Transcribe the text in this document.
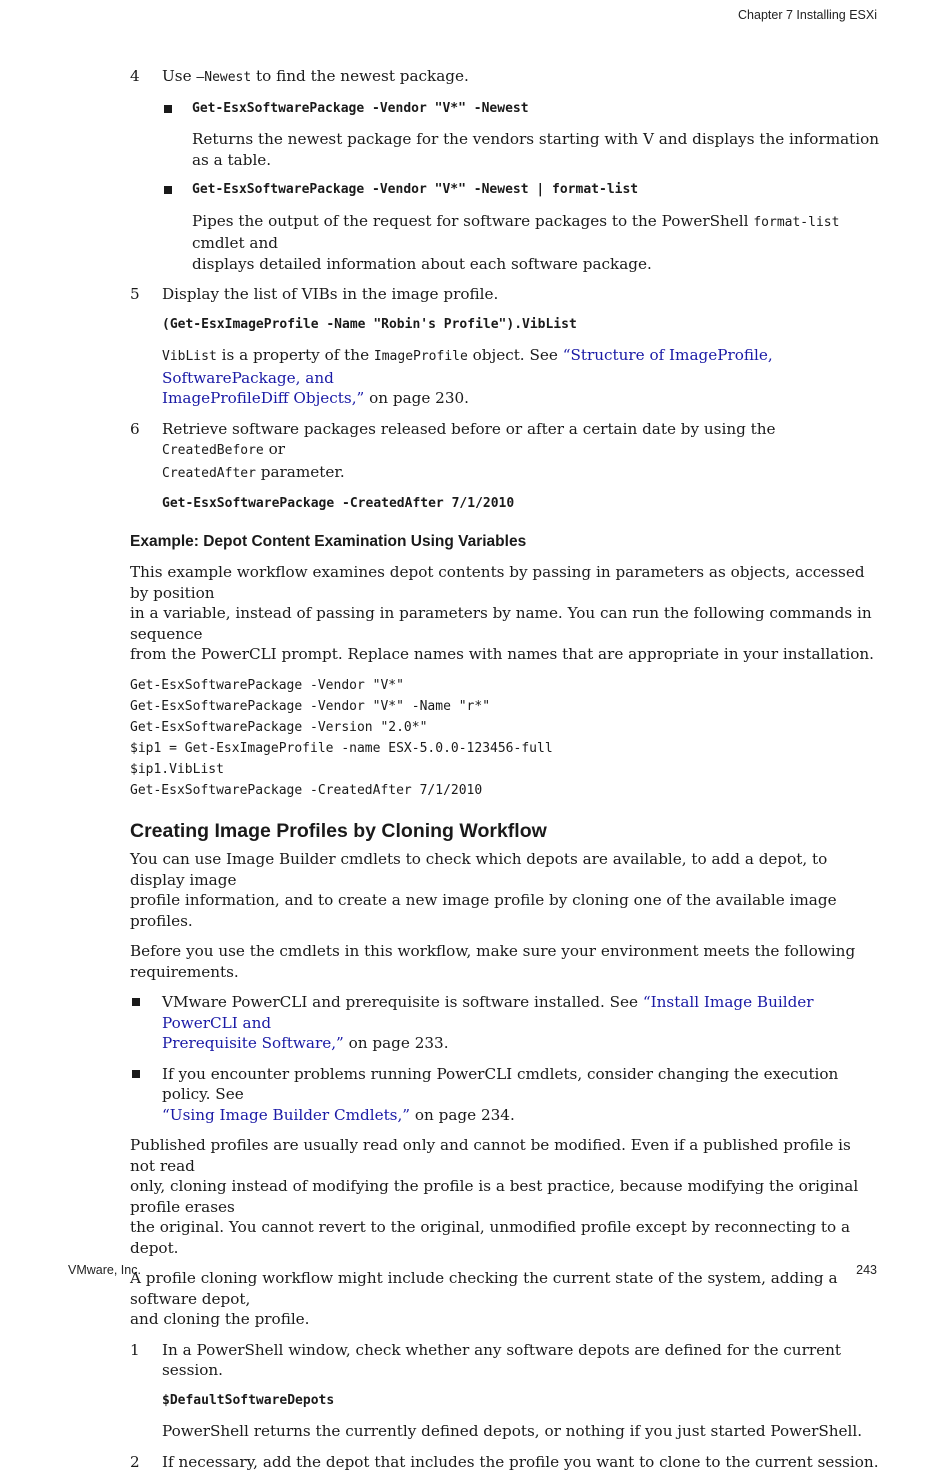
Chapter 7 Installing ESXi
4 Use –Newest to find the newest package.

Get-EsxSoftwarePackage -Vendor "V*" -Newest

Returns the newest package for the vendors starting with V and displays the information as a table.

Get-EsxSoftwarePackage -Vendor "V*" -Newest | format-list

Pipes the output of the request for software packages to the PowerShell format-list cmdlet and

displays detailed information about each software package.

5 Display the list of VIBs in the image profile.

(Get-EsxImageProfile -Name "Robin's Profile").VibList

VibList is a property of the ImageProfile object. See “Structure of ImageProfile, SoftwarePackage, and

ImageProfileDiff Objects,” on page 230.

6 Retrieve software packages released before or after a certain date by using the CreatedBefore or

CreatedAfter parameter.

Get-EsxSoftwarePackage -CreatedAfter 7/1/2010

Example: Depot Content Examination Using Variables

This example workflow examines depot contents by passing in parameters as objects, accessed by position

in a variable, instead of passing in parameters by name. You can run the following commands in sequence

from the PowerCLI prompt. Replace names with names that are appropriate in your installation.

Get-EsxSoftwarePackage -Vendor "V*"
Get-EsxSoftwarePackage -Vendor "V*" -Name "r*"
Get-EsxSoftwarePackage -Version "2.0*"
$ip1 = Get-EsxImageProfile -name ESX-5.0.0-123456-full
$ip1.VibList
Get-EsxSoftwarePackage -CreatedAfter 7/1/2010

Creating Image Profiles by Cloning Workflow

You can use Image Builder cmdlets to check which depots are available, to add a depot, to display image

profile information, and to create a new image profile by cloning one of the available image profiles.

Before you use the cmdlets in this workflow, make sure your environment meets the following

requirements.

VMware PowerCLI and prerequisite is software installed. See “Install Image Builder PowerCLI and

Prerequisite Software,” on page 233.

If you encounter problems running PowerCLI cmdlets, consider changing the execution policy. See

“Using Image Builder Cmdlets,” on page 234.

Published profiles are usually read only and cannot be modified. Even if a published profile is not read

only, cloning instead of modifying the profile is a best practice, because modifying the original profile erases

the original. You cannot revert to the original, unmodified profile except by reconnecting to a depot.

A profile cloning workflow might include checking the current state of the system, adding a software depot,

and cloning the profile.

1 In a PowerShell window, check whether any software depots are defined for the current session.

$DefaultSoftwareDepots

PowerShell returns the currently defined depots, or nothing if you just started PowerShell.

2 If necessary, add the depot that includes the profile you want to clone to the current session.

VMware, Inc.	243
